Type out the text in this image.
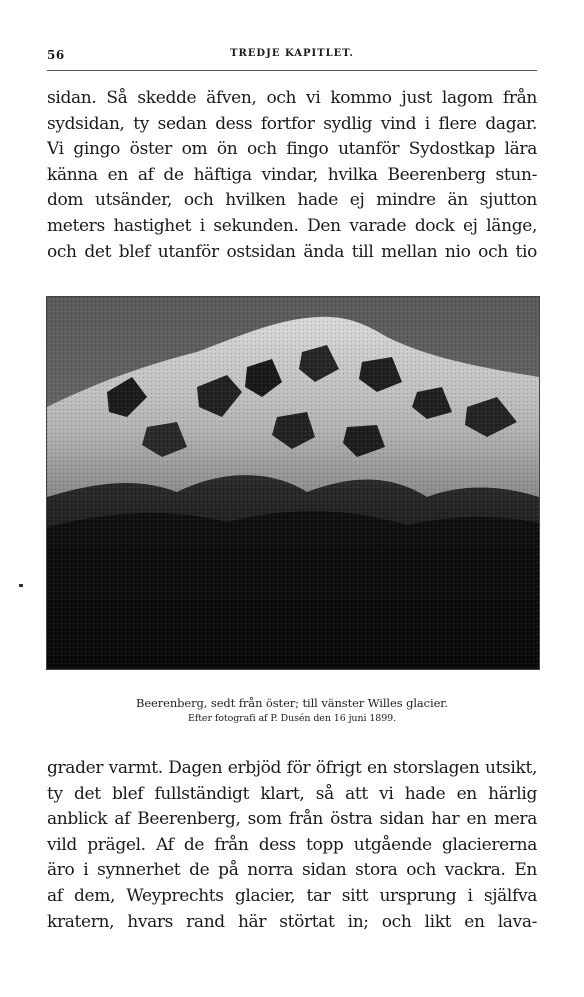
56	TREDJE KAPITLET.
sidan. Så skedde äfven, och vi kommo just lagom från
sydsidan, ty sedan dess fortfor sydlig vind i flere dagar.
Vi gingo öster om ön och fingo utanför Sydostkap lära
känna en af de häftiga vindar, hvilka Beerenberg stun-
dom utsänder, och hvilken hade ej mindre än sjutton
meters hastighet i sekunden. Den varade dock ej länge,
och det blef utanför ostsidan ända till mellan nio och tio
Beerenberg, sedt från öster; till vänster Willes glacier.
Efter fotografi af P. Dusén den 16 juni 1899.
grader varmt. Dagen erbjöd för öfrigt en storslagen utsikt,
ty det blef fullständigt klart, så att vi hade en härlig
anblick af Beerenberg, som från östra sidan har en mera
vild prägel. Af de från dess topp utgående glaciererna
äro i synnerhet de på norra sidan stora och vackra. En
af dem, Weyprechts glacier, tar sitt ursprung i själfva
kratern, hvars rand här störtat in; och likt en lava-
